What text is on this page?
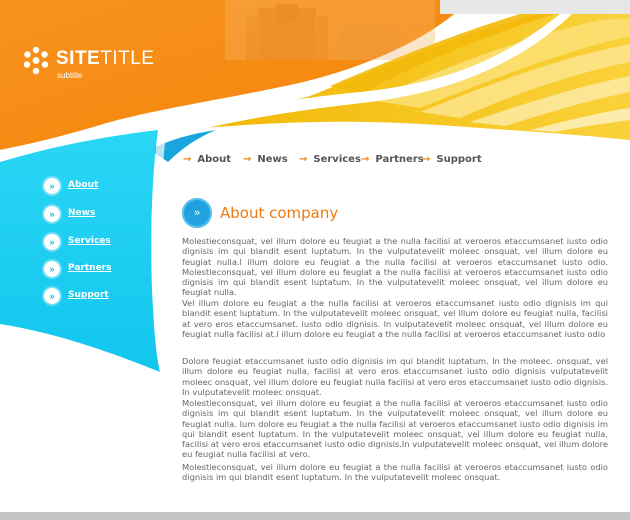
SITETITLE
subtitle
→ About → News → Services → Partners
→ Support
»	About
»	News
»	Services
»	Partners
»	Support
»	About company

Molestieconsquat, vel illum dolore eu feugiat a the nulla facilisi at veroeros etaccumsanet iusto odio dignisis im qui blandit esent luptatum. In the vulputatevelit moleec onsquat, vel illum dolore eu feugiat nulla.l illum dolore eu feugiat a the nulla facilisi at veroeros etaccumsanet iusto odio. Molestieconsquat, vel illum dolore eu feugiat a the nulla facilisi at veroeros etaccumsanet iusto odio dignisis im qui blandit esent luptatum. In the vulputatevelit moleec onsquat, vel illum dolore eu feugiat nulla.

Vel illum dolore eu feugiat a the nulla facilisi at veroeros etaccumsanet iusto odio dignisis im qui blandit esent luptatum. In the vulputatevelit moleec onsquat, vel illum dolore eu feugiat nulla, facilisi at vero eros etaccumsanet. iusto odio dignisis. In vulputatevelit moleec onsquat, vel illum dolore eu feugiat nulla facilisi at.l illum dolore eu feugiat a the nulla facilisi at veroeros etaccumsanet iusto odio

Dolore feugiat etaccumsanet iusto odio dignisis im qui blandit luptatum. In the moleec. onsquat, vel illum dolore eu feugiat nulla, facilisi at vero eros etaccumsanet iusto odio dignisis vulputatevelit moleec onsquat, vel illum dolore eu feugiat nulla facilisi at vero eros etaccumsanet iusto odio dignisis. In vulputatevelit moleec onsquat.

Molestieconsquat, vel illum dolore eu feugiat a the nulla facilisi at veroeros etaccumsanet iusto odio dignisis im qui blandit esent luptatum. In the vulputatevelit moleec onsquat, vel illum dolore eu feugiat nulla. lum dolore eu feugiat a the nulla facilisi at veroeros etaccumsanet iusto odio dignisis im qui blandit esent luptatum. In the vulputatevelit moleec onsquat, vel illum dolore eu feugiat nulla, facilisi at vero eros etaccumsanet iusto odio dignisis.In vulputatevelit moleec onsquat, vel illum dolore eu feugiat nulla facilisi at vero.

Molestieconsquat, vel illum dolore eu feugiat a the nulla facilisi at veroeros etaccumsanet iusto odio dignisis im qui blandit esent luptatum. In the vulputatevelit moleec onsquat.
